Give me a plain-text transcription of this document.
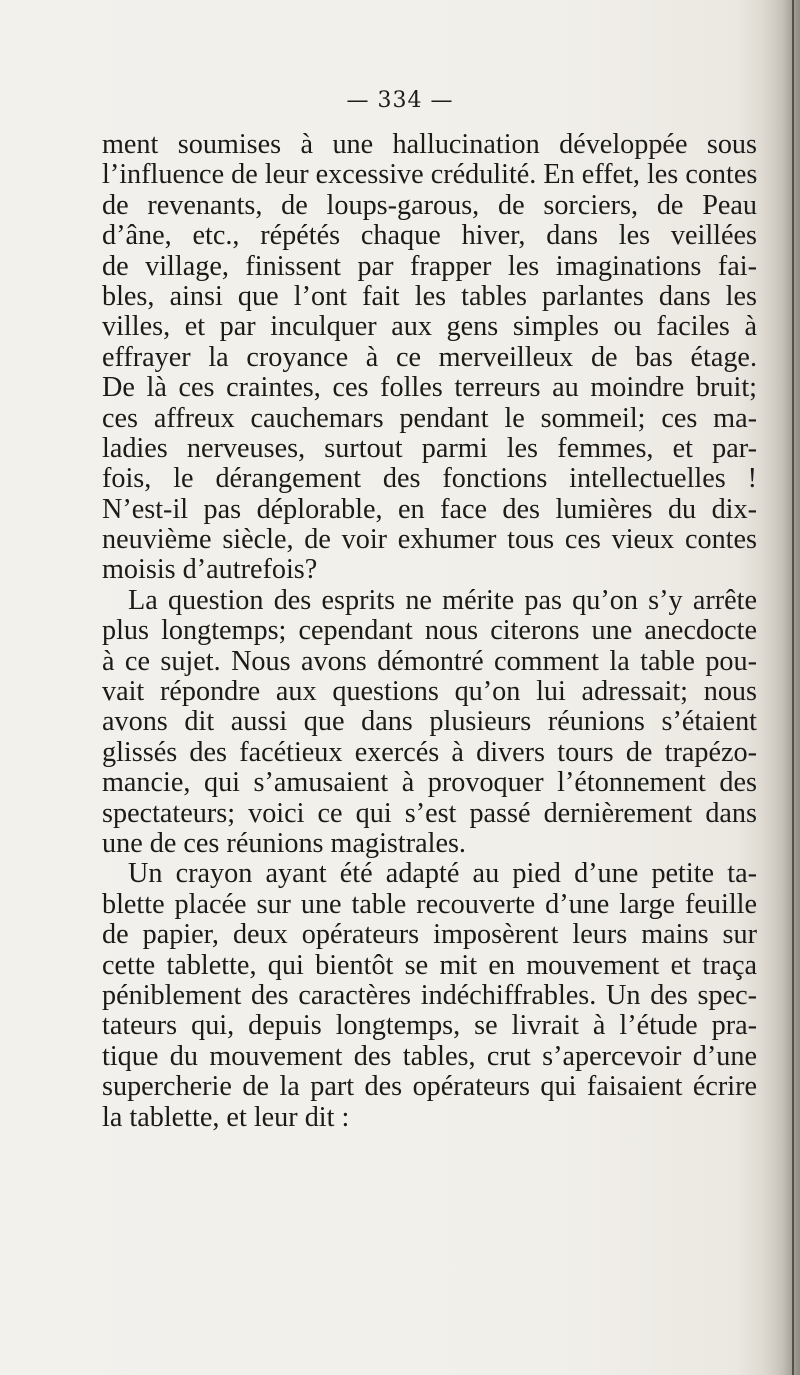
— 334 —
ment soumises à une hallucination développée sous
l’influence de leur excessive crédulité. En effet, les contes
de revenants, de loups-garous, de sorciers, de Peau
d’âne, etc., répétés chaque hiver, dans les veillées
de village, finissent par frapper les imaginations fai-
bles, ainsi que l’ont fait les tables parlantes dans les
villes, et par inculquer aux gens simples ou faciles à
effrayer la croyance à ce merveilleux de bas étage.
De là ces craintes, ces folles terreurs au moindre bruit;
ces affreux cauchemars pendant le sommeil; ces ma-
ladies nerveuses, surtout parmi les femmes, et par-
fois, le dérangement des fonctions intellectuelles !
N’est-il pas déplorable, en face des lumières du dix-
neuvième siècle, de voir exhumer tous ces vieux contes
moisis d’autrefois?
La question des esprits ne mérite pas qu’on s’y arrête
plus longtemps; cependant nous citerons une anecdocte
à ce sujet. Nous avons démontré comment la table pou-
vait répondre aux questions qu’on lui adressait; nous
avons dit aussi que dans plusieurs réunions s’étaient
glissés des facétieux exercés à divers tours de trapézo-
mancie, qui s’amusaient à provoquer l’étonnement des
spectateurs; voici ce qui s’est passé dernièrement dans
une de ces réunions magistrales.
Un crayon ayant été adapté au pied d’une petite ta-
blette placée sur une table recouverte d’une large feuille
de papier, deux opérateurs imposèrent leurs mains sur
cette tablette, qui bientôt se mit en mouvement et traça
péniblement des caractères indéchiffrables. Un des spec-
tateurs qui, depuis longtemps, se livrait à l’étude pra-
tique du mouvement des tables, crut s’apercevoir d’une
supercherie de la part des opérateurs qui faisaient écrire
la tablette, et leur dit :
